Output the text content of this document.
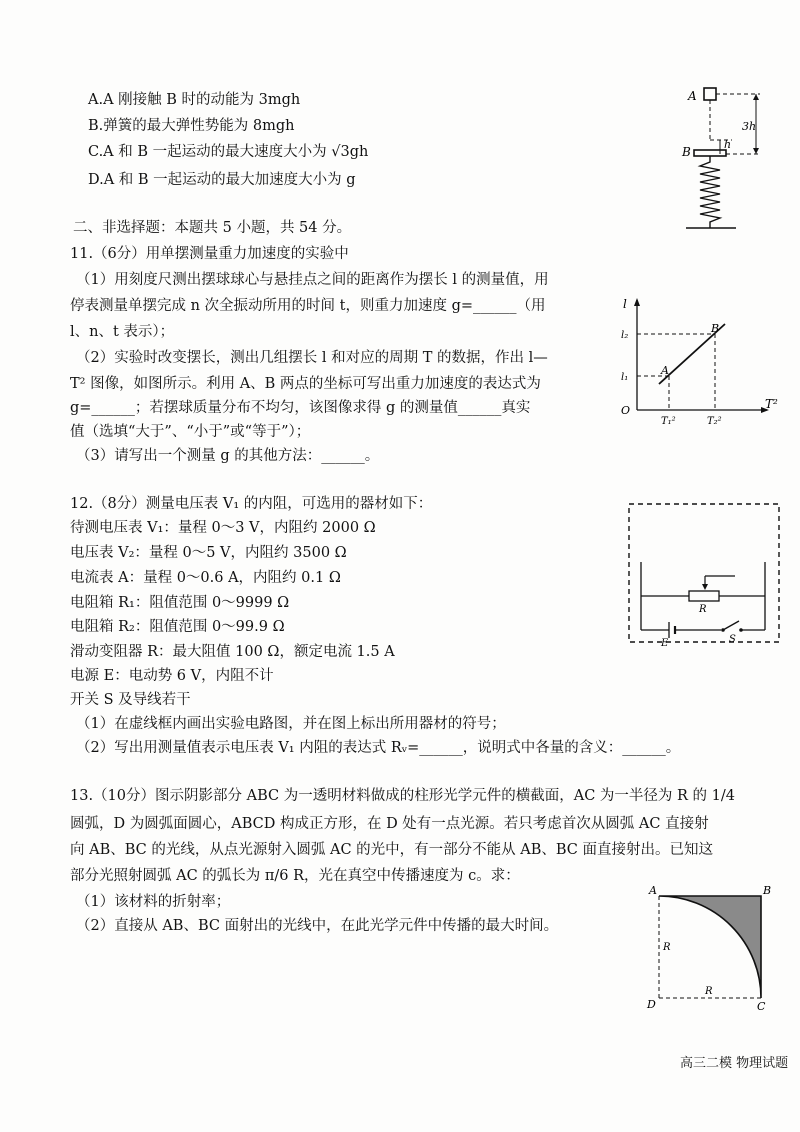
A.A 刚接触 B 时的动能为 3mgh
B.弹簧的最大弹性势能为 8mgh
C.A 和 B 一起运动的最大速度大小为 √3gh
D.A 和 B 一起运动的最大加速度大小为 g
A
3h
h
B
二、非选择题：本题共 5 小题，共 54 分。
11.（6分）用单摆测量重力加速度的实验中
（1）用刻度尺测出摆球球心与悬挂点之间的距离作为摆长 l 的测量值，用
停表测量单摆完成 n 次全振动所用的时间 t，则重力加速度 g=______（用
l、n、t 表示）；
（2）实验时改变摆长，测出几组摆长 l 和对应的周期 T 的数据，作出 l—
T² 图像，如图所示。利用 A、B 两点的坐标可写出重力加速度的表达式为
g=______；若摆球质量分布不均匀，该图像求得 g 的测量值______真实
值（选填“大于”、“小于”或“等于”）；
（3）请写出一个测量 g 的其他方法：______。
l
T²
O
l₂
l₁
T₁²	T₂²
A
B
12.（8分）测量电压表 V₁ 的内阻，可选用的器材如下：
待测电压表 V₁：量程 0～3 V，内阻约 2000 Ω
电压表 V₂：量程 0～5 V，内阻约 3500 Ω
电流表 A：量程 0～0.6 A，内阻约 0.1 Ω
电阻箱 R₁：阻值范围 0～9999 Ω
电阻箱 R₂：阻值范围 0～99.9 Ω
滑动变阻器 R：最大阻值 100 Ω，额定电流 1.5 A
电源 E：电动势 6 V，内阻不计
开关 S 及导线若干
（1）在虚线框内画出实验电路图，并在图上标出所用器材的符号；
（2）写出用测量值表示电压表 V₁ 内阻的表达式 Rᵥ=______，说明式中各量的含义：______。
R
E	S
13.（10分）图示阴影部分 ABC 为一透明材料做成的柱形光学元件的横截面，AC 为一半径为 R 的 1/4
圆弧，D 为圆弧面圆心，ABCD 构成正方形，在 D 处有一点光源。若只考虑首次从圆弧 AC 直接射
向 AB、BC 的光线，从点光源射入圆弧 AC 的光中，有一部分不能从 AB、BC 面直接射出。已知这
部分光照射圆弧 AC 的弧长为 π/6 R，光在真空中传播速度为 c。求：
（1）该材料的折射率；
（2）直接从 AB、BC 面射出的光线中，在此光学元件中传播的最大时间。
A	B
C
D
R
R
高三二模 物理试题
